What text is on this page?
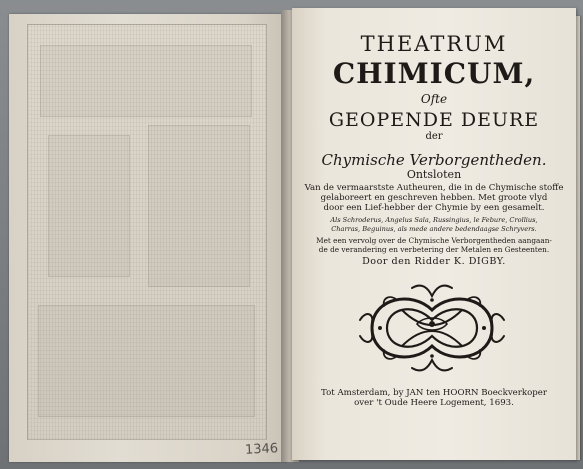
1346
THEATRUM
CHIMICUM,
Ofte
GEOPENDE DEURE
der
Chymische Verborgentheden.
Ontsloten
Van de vermaarstste Autheuren, die in de Chymische stoffe
gelaboreert en geschreven hebben. Met groote vlyd
door een Lief-hebber der Chymie by een gesamelt.
Als Schroderus, Angelus Sala, Russingius, le Febure, Crollius,
Charras, Beguinus, als mede andere bedendaagse Schryvers.
Met een vervolg over de Chymische Verborgentheden aangaan-
de de verandering en verbetering der Metalen en Gesteenten.
Door den Ridder K. DIGBY.
Tot Amsterdam, by JAN ten HOORN Boeckverkoper
over 't Oude Heere Logement, 1693.
